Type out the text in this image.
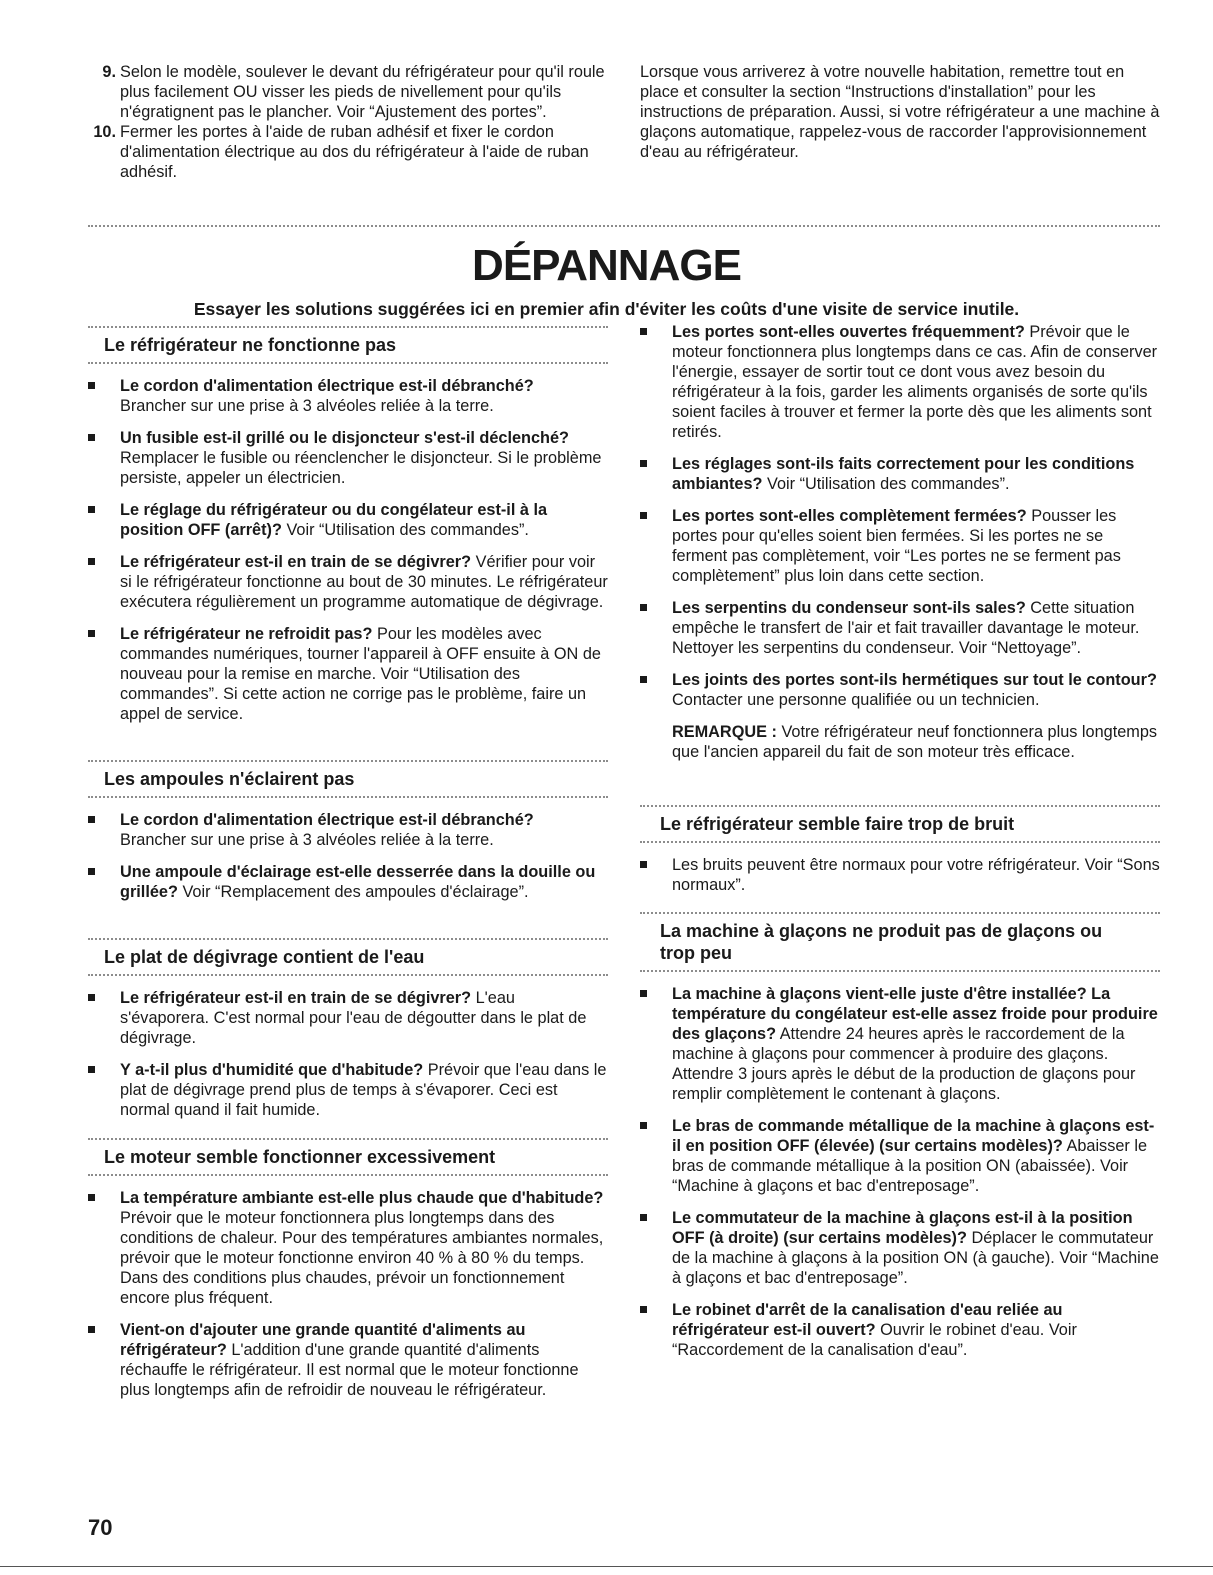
9. Selon le modèle, soulever le devant du réfrigérateur pour qu'il roule plus facilement OU visser les pieds de nivellement pour qu'ils n'égratignent pas le plancher. Voir “Ajustement des portes”.

10. Fermer les portes à l'aide de ruban adhésif et fixer le cordon d'alimentation électrique au dos du réfrigérateur à l'aide de ruban adhésif.

Lorsque vous arriverez à votre nouvelle habitation, remettre tout en place et consulter la section “Instructions d'installation” pour les instructions de préparation. Aussi, si votre réfrigérateur a une machine à glaçons automatique, rappelez-vous de raccorder l'approvisionnement d'eau au réfrigérateur.

DÉPANNAGE

Essayer les solutions suggérées ici en premier afin d'éviter les coûts d'une visite de service inutile.

Le réfrigérateur ne fonctionne pas
Le cordon d'alimentation électrique est-il débranché?
Brancher sur une prise à 3 alvéoles reliée à la terre.
Un fusible est-il grillé ou le disjoncteur s'est-il déclenché?
Remplacer le fusible ou réenclencher le disjoncteur. Si le problème persiste, appeler un électricien.
Le réglage du réfrigérateur ou du congélateur est-il à la position OFF (arrêt)? Voir “Utilisation des commandes”.
Le réfrigérateur est-il en train de se dégivrer? Vérifier pour voir si le réfrigérateur fonctionne au bout de 30 minutes. Le réfrigérateur exécutera régulièrement un programme automatique de dégivrage.
Le réfrigérateur ne refroidit pas? Pour les modèles avec commandes numériques, tourner l'appareil à OFF ensuite à ON de nouveau pour la remise en marche. Voir “Utilisation des commandes”. Si cette action ne corrige pas le problème, faire un appel de service.
Les ampoules n'éclairent pas
Le cordon d'alimentation électrique est-il débranché?
Brancher sur une prise à 3 alvéoles reliée à la terre.
Une ampoule d'éclairage est-elle desserrée dans la douille ou grillée? Voir “Remplacement des ampoules d'éclairage”.
Le plat de dégivrage contient de l'eau
Le réfrigérateur est-il en train de se dégivrer? L'eau s'évaporera. C'est normal pour l'eau de dégoutter dans le plat de dégivrage.
Y a-t-il plus d'humidité que d'habitude? Prévoir que l'eau dans le plat de dégivrage prend plus de temps à s'évaporer. Ceci est normal quand il fait humide.
Le moteur semble fonctionner excessivement
La température ambiante est-elle plus chaude que d'habitude? Prévoir que le moteur fonctionnera plus longtemps dans des conditions de chaleur. Pour des températures ambiantes normales, prévoir que le moteur fonctionne environ 40 % à 80 % du temps. Dans des conditions plus chaudes, prévoir un fonctionnement encore plus fréquent.
Vient-on d'ajouter une grande quantité d'aliments au réfrigérateur? L'addition d'une grande quantité d'aliments réchauffe le réfrigérateur. Il est normal que le moteur fonctionne plus longtemps afin de refroidir de nouveau le réfrigérateur.
Les portes sont-elles ouvertes fréquemment? Prévoir que le moteur fonctionnera plus longtemps dans ce cas. Afin de conserver l'énergie, essayer de sortir tout ce dont vous avez besoin du réfrigérateur à la fois, garder les aliments organisés de sorte qu'ils soient faciles à trouver et fermer la porte dès que les aliments sont retirés.
Les réglages sont-ils faits correctement pour les conditions ambiantes? Voir “Utilisation des commandes”.
Les portes sont-elles complètement fermées? Pousser les portes pour qu'elles soient bien fermées. Si les portes ne se ferment pas complètement, voir “Les portes ne se ferment pas complètement” plus loin dans cette section.
Les serpentins du condenseur sont-ils sales? Cette situation empêche le transfert de l'air et fait travailler davantage le moteur. Nettoyer les serpentins du condenseur. Voir “Nettoyage”.
Les joints des portes sont-ils hermétiques sur tout le contour? Contacter une personne qualifiée ou un technicien.

REMARQUE : Votre réfrigérateur neuf fonctionnera plus longtemps que l'ancien appareil du fait de son moteur très efficace.

Le réfrigérateur semble faire trop de bruit
Les bruits peuvent être normaux pour votre réfrigérateur. Voir “Sons normaux”.
La machine à glaçons ne produit pas de glaçons ou trop peu
La machine à glaçons vient-elle juste d'être installée? La température du congélateur est-elle assez froide pour produire des glaçons? Attendre 24 heures après le raccordement de la machine à glaçons pour commencer à produire des glaçons. Attendre 3 jours après le début de la production de glaçons pour remplir complètement le contenant à glaçons.
Le bras de commande métallique de la machine à glaçons est-il en position OFF (élevée) (sur certains modèles)? Abaisser le bras de commande métallique à la position ON (abaissée). Voir “Machine à glaçons et bac d'entreposage”.
Le commutateur de la machine à glaçons est-il à la position OFF (à droite) (sur certains modèles)? Déplacer le commutateur de la machine à glaçons à la position ON (à gauche). Voir “Machine à glaçons et bac d'entreposage”.
Le robinet d'arrêt de la canalisation d'eau reliée au réfrigérateur est-il ouvert? Ouvrir le robinet d'eau. Voir “Raccordement de la canalisation d'eau”.

70
